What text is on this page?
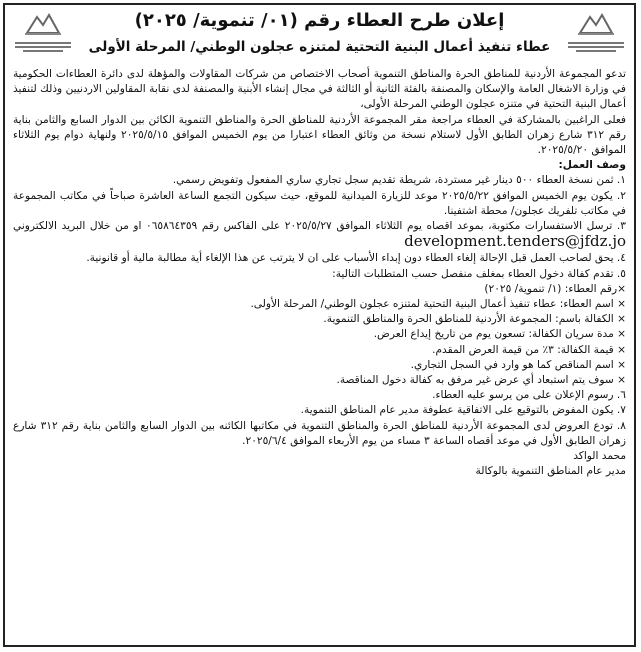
إعلان طرح العطاء رقم (٠١/ تنموية/ ٢٠٢٥)
عطاء تنفيذ أعمال البنية التحتية لمتنزه عجلون الوطني/ المرحلة الأولى

تدعو المجموعة الأردنية للمناطق الحرة والمناطق التنموية أصحاب الاختصاص من شركات المقاولات والمؤهلة لدى دائرة العطاءات الحكومية في وزارة الاشغال العامة والإسكان والمصنفة بالفئة الثانية أو الثالثة في مجال إنشاء الأبنية والمصنفة لدى نقابة المقاولين الاردنيين وذلك لتنفيذ أعمال البنية التحتية في متنزه عجلون الوطني المرحلة الأولى،

فعلى الراغبين بالمشاركة في العطاء مراجعة مقر المجموعة الأردنية للمناطق الحرة والمناطق التنموية الكائن بين الدوار السابع والثامن بناية رقم ٣١٢ شارع زهران الطابق الأول لاستلام نسخة من وثائق العطاء اعتبارا من يوم الخميس الموافق ٢٠٢٥/٥/١٥ ولنهاية دوام يوم الثلاثاء الموافق ٢٠٢٥/٥/٢٠.

وصف العمل:

١. ثمن نسخة العطاء ٥٠٠ دينار غير مستردة، شريطة تقديم سجل تجاري ساري المفعول وتفويض رسمي.

٢. يكون يوم الخميس الموافق ٢٠٢٥/٥/٢٢ موعد للزيارة الميدانية للموقع، حيث سيكون التجمع الساعة العاشرة صباحاً في مكاتب المجموعة في مكاتب تلفريك عجلون/ محطة اشتفينا.

٣. ترسل الاستفسارات مكتوبة، بموعد اقصاه يوم الثلاثاء الموافق ٢٠٢٥/٥/٢٧ على الفاكس رقم ٠٦٥٨٦٤٣٥٩ او من خلال البريد الالكتروني development.tenders@jfdz.jo

٤. يحق لصاحب العمل قبل الإحالة إلغاء العطاء دون إبداء الأسباب على ان لا يترتب عن هذا الإلغاء أية مطالبة مالية أو قانونية.

٥. تقدم كفالة دخول العطاء بمغلف منفصل حسب المتطلبات التالية:

×رقم العطاء: (١/ تنموية/ ٢٠٢٥)

× اسم العطاء: عطاء تنفيذ أعمال البنية التحتية لمتنزه عجلون الوطني/ المرحلة الأولى.

× الكفالة باسم: المجموعة الأردنية للمناطق الحرة والمناطق التنموية.

× مدة سريان الكفالة: تسعون يوم من تاريخ إيداع العرض.

× قيمة الكفالة: ٣٪ من قيمة العرض المقدم.

× اسم المناقص كما هو وارد في السجل التجاري.

× سوف يتم استبعاد أي عرض غير مرفق به كفالة دخول المناقصة.

٦. رسوم الإعلان على من يرسو عليه العطاء.

٧. يكون المفوض بالتوقيع على الاتفاقية عطوفة مدير عام المناطق التنموية.

٨. تودع العروض لدى المجموعة الأردنية للمناطق الحرة والمناطق التنموية في مكاتبها الكائنه بين الدوار السابع والثامن بناية رقم ٣١٢ شارع زهران الطابق الأول في موعد أقصاه الساعة ٣ مساء من يوم الأربعاء الموافق ٢٠٢٥/٦/٤.

محمد الواكد

مدير عام المناطق التنموية بالوكالة
